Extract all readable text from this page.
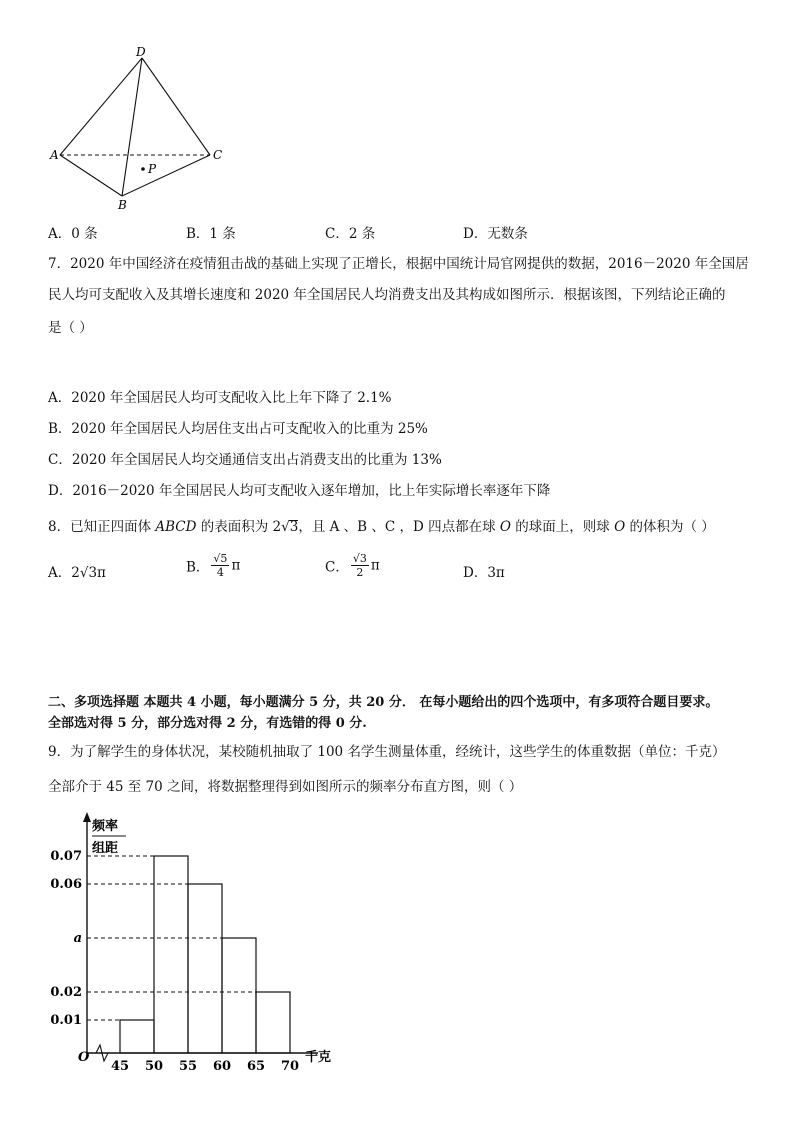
D
A	C
B
P
A．0 条	B．1 条	C．2 条	D．无数条
7．2020 年中国经济在疫情狙击战的基础上实现了正增长，根据中国统计局官网提供的数据，2016－2020 年全国居
民人均可支配收入及其增长速度和 2020 年全国居民人均消费支出及其构成如图所示．根据该图，下列结论正确的
是（ ）
A．2020 年全国居民人均可支配收入比上年下降了 2.1%
B．2020 年全国居民人均居住支出占可支配收入的比重为 25%
C．2020 年全国居民人均交通通信支出占消费支出的比重为 13%
D．2016－2020 年全国居民人均可支配收入逐年增加，比上年实际增长率逐年下降
8．已知正四面体 ABCD 的表面积为 2√3，且 A 、B 、C ，D 四点都在球 O 的球面上，则球 O 的体积为（ ）
A．2√3π	B． $\frac{√5}{4}$ π	C． $\frac{√3}{2}$ π	D．3π
二、多项选择题 本题共 4 小题，每小题满分 5 分，共 20 分． 在每小题给出的四个选项中，有多项符合题目要求。
全部选对得 5 分，部分选对得 2 分，有选错的得 0 分.
9．为了解学生的身体状况，某校随机抽取了 100 名学生测量体重，经统计，这些学生的体重数据（单位：千克）
全部介于 45 至 70 之间，将数据整理得到如图所示的频率分布直方图，则（ ）
频率
组距
O	千克
0.07
0.06
a
0.02
0.01
45 50 55 60 65 70
